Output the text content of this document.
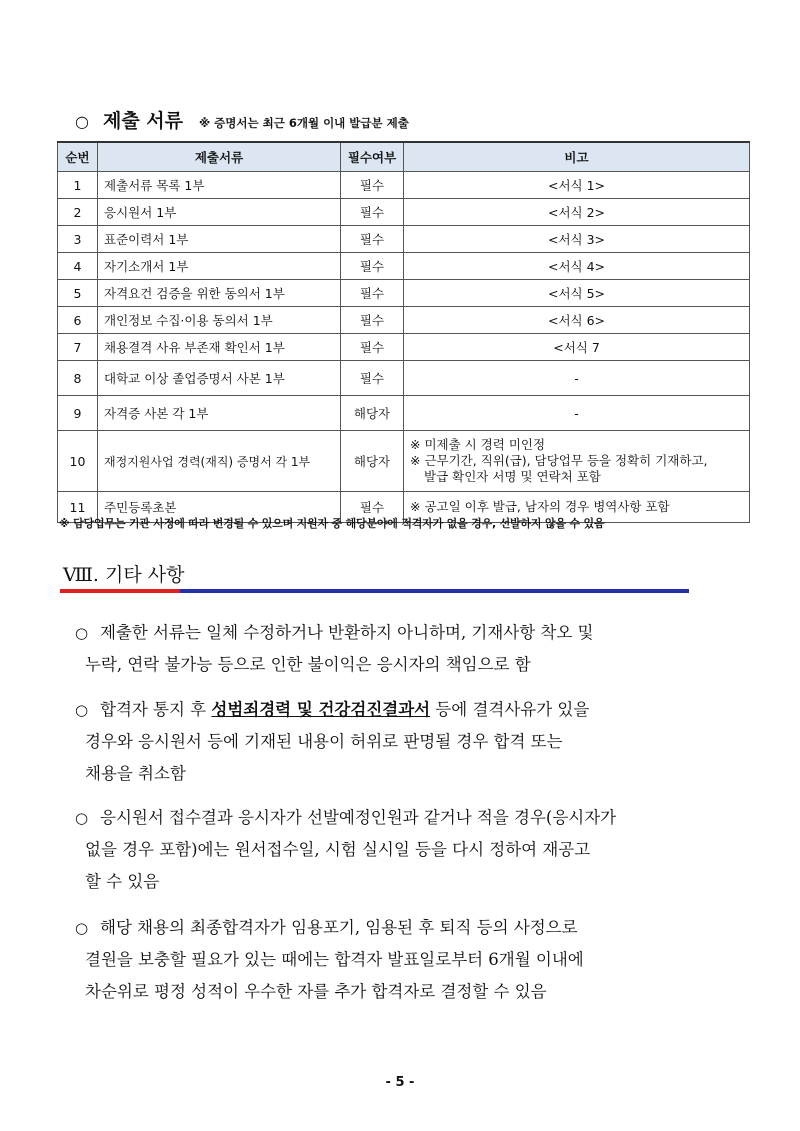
○ 제출 서류 ※ 증명서는 최근 6개월 이내 발급분 제출
순번	제출서류	필수여부	비고
1	제출서류 목록 1부	필수	<서식 1>
2	응시원서 1부	필수	<서식 2>
3	표준이력서 1부	필수	<서식 3>
4	자기소개서 1부	필수	<서식 4>
5	자격요건 검증을 위한 동의서 1부	필수	<서식 5>
6	개인정보 수집·이용 동의서 1부	필수	<서식 6>
7	채용결격 사유 부존재 확인서 1부	필수	<서식 7
8	대학교 이상 졸업증명서 사본 1부	필수	-
9	자격증 사본 각 1부	해당자	-
10	재정지원사업 경력(재직) 증명서 각 1부	해당자	※ 미제출 시 경력 미인정
※ 근무기간, 직위(급), 담당업무 등을 정확히 기재하고,
발급 확인자 서명 및 연락처 포함

11	주민등록초본	필수	※ 공고일 이후 발급, 남자의 경우 병역사항 포함
※ 담당업무는 기관 사정에 따라 변경될 수 있으며 지원자 중 해당분야에 적격자가 없을 경우, 선발하지 않을 수 있음
Ⅷ. 기타 사항
○ 제출한 서류는 일체 수정하거나 반환하지 아니하며, 기재사항 착오 및
누락, 연락 불가능 등으로 인한 불이익은 응시자의 책임으로 함
○ 합격자 통지 후 성범죄경력 및 건강검진결과서 등에 결격사유가 있을
경우와 응시원서 등에 기재된 내용이 허위로 판명될 경우 합격 또는
채용을 취소함
○ 응시원서 접수결과 응시자가 선발예정인원과 같거나 적을 경우(응시자가
없을 경우 포함)에는 원서접수일, 시험 실시일 등을 다시 정하여 재공고
할 수 있음
○ 해당 채용의 최종합격자가 임용포기, 임용된 후 퇴직 등의 사정으로
결원을 보충할 필요가 있는 때에는 합격자 발표일로부터 6개월 이내에
차순위로 평정 성적이 우수한 자를 추가 합격자로 결정할 수 있음
- 5 -
